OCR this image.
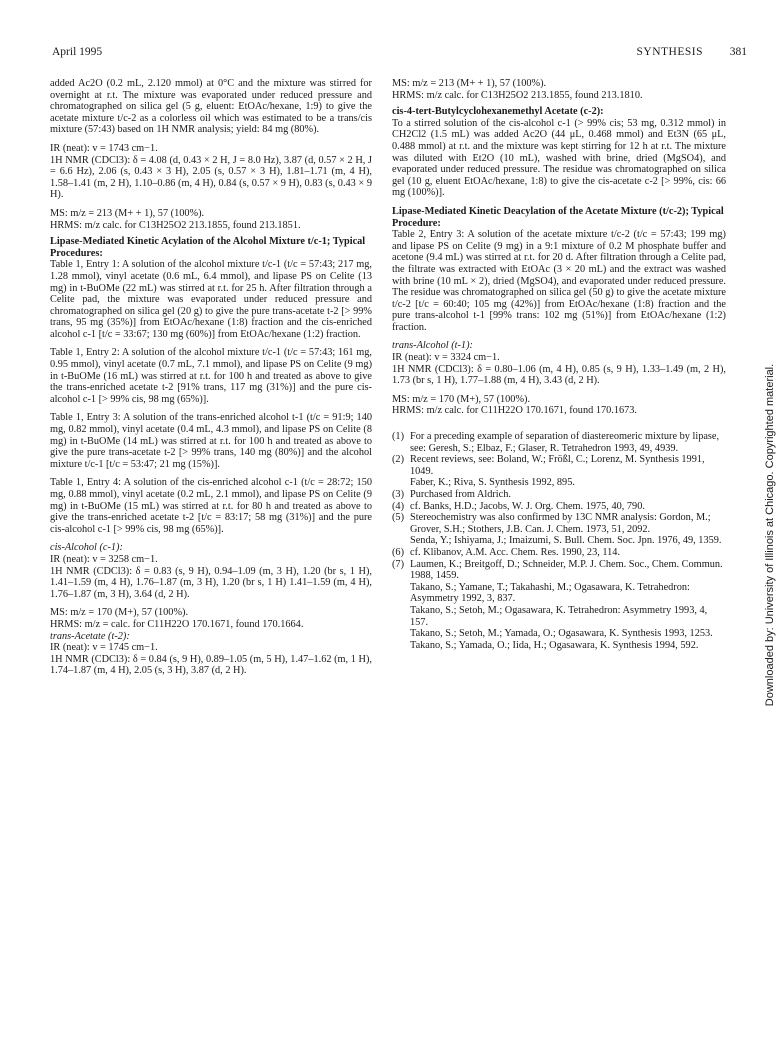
April 1995	SYNTHESIS 381

added Ac2O (0.2 mL, 2.120 mmol) at 0°C and the mixture was stirred for overnight at r.t. The mixture was evaporated under reduced pressure and chromatographed on silica gel (5 g, eluent: EtOAc/hexane, 1:9) to give the acetate mixture t/c-2 as a colorless oil which was estimated to be a trans/cis mixture (57:43) based on 1H NMR analysis; yield: 84 mg (80%).

IR (neat): v = 1743 cm−1.

1H NMR (CDCl3): δ = 4.08 (d, 0.43 × 2 H, J = 8.0 Hz), 3.87 (d, 0.57 × 2 H, J = 6.6 Hz), 2.06 (s, 0.43 × 3 H), 2.05 (s, 0.57 × 3 H), 1.81–1.71 (m, 4 H), 1.58–1.41 (m, 2 H), 1.10–0.86 (m, 4 H), 0.84 (s, 0.57 × 9 H), 0.83 (s, 0.43 × 9 H).

MS: m/z = 213 (M+ + 1), 57 (100%).

HRMS: m/z calc. for C13H25O2 213.1855, found 213.1851.

Lipase-Mediated Kinetic Acylation of the Alcohol Mixture t/c-1; Typical Procedures:

Table 1, Entry 1: A solution of the alcohol mixture t/c-1 (t/c = 57:43; 217 mg, 1.28 mmol), vinyl acetate (0.6 mL, 6.4 mmol), and lipase PS on Celite (13 mg) in t-BuOMe (22 mL) was stirred at r.t. for 25 h. After filtration through a Celite pad, the mixture was evaporated under reduced pressure and chromatographed on silica gel (20 g) to give the pure trans-acetate t-2 [> 99% trans, 95 mg (35%)] from EtOAc/hexane (1:8) fraction and the cis-enriched alcohol c-1 [t/c = 33:67; 130 mg (60%)] from EtOAc/hexane (1:2) fraction.

Table 1, Entry 2: A solution of the alcohol mixture t/c-1 (t/c = 57:43; 161 mg, 0.95 mmol), vinyl acetate (0.7 mL, 7.1 mmol), and lipase PS on Celite (9 mg) in t-BuOMe (16 mL) was stirred at r.t. for 100 h and treated as above to give the trans-enriched acetate t-2 [91% trans, 117 mg (31%)] and the pure cis-alcohol c-1 [> 99% cis, 98 mg (65%)].

Table 1, Entry 3: A solution of the trans-enriched alcohol t-1 (t/c = 91:9; 140 mg, 0.82 mmol), vinyl acetate (0.4 mL, 4.3 mmol), and lipase PS on Celite (8 mg) in t-BuOMe (14 mL) was stirred at r.t. for 100 h and treated as above to give the pure trans-acetate t-2 [> 99% trans, 140 mg (80%)] and the alcohol mixture t/c-1 [t/c = 53:47; 21 mg (15%)].

Table 1, Entry 4: A solution of the cis-enriched alcohol c-1 (t/c = 28:72; 150 mg, 0.88 mmol), vinyl acetate (0.2 mL, 2.1 mmol), and lipase PS on Celite (9 mg) in t-BuOMe (15 mL) was stirred at r.t. for 80 h and treated as above to give the trans-enriched acetate t-2 [t/c = 83:17; 58 mg (31%)] and the pure cis-alcohol c-1 [> 99% cis, 98 mg (65%)].

cis-Alcohol (c-1):

IR (neat): v = 3258 cm−1.

1H NMR (CDCl3): δ = 0.83 (s, 9 H), 0.94–1.09 (m, 3 H), 1.20 (br s, 1 H), 1.41–1.59 (m, 4 H), 1.76–1.87 (m, 3 H), 1.20 (br s, 1 H) 1.41–1.59 (m, 4 H), 1.76–1.87 (m, 3 H), 3.64 (d, 2 H).

MS: m/z = 170 (M+), 57 (100%).

HRMS: m/z = calc. for C11H22O 170.1671, found 170.1664.

trans-Acetate (t-2):

IR (neat): v = 1745 cm−1.

1H NMR (CDCl3): δ = 0.84 (s, 9 H), 0.89–1.05 (m, 5 H), 1.47–1.62 (m, 1 H), 1.74–1.87 (m, 4 H), 2.05 (s, 3 H), 3.87 (d, 2 H).

MS: m/z = 213 (M+ + 1), 57 (100%).

HRMS: m/z calc. for C13H25O2 213.1855, found 213.1810.

cis-4-tert-Butylcyclohexanemethyl Acetate (c-2):

To a stirred solution of the cis-alcohol c-1 (> 99% cis; 53 mg, 0.312 mmol) in CH2Cl2 (1.5 mL) was added Ac2O (44 μL, 0.468 mmol) and Et3N (65 μL, 0.488 mmol) at r.t. and the mixture was kept stirring for 12 h at r.t. The mixture was diluted with Et2O (10 mL), washed with brine, dried (MgSO4), and evaporated under reduced pressure. The residue was chromatographed on silica gel (10 g, eluent EtOAc/hexane, 1:8) to give the cis-acetate c-2 [> 99%, cis: 66 mg (100%)].

Lipase-Mediated Kinetic Deacylation of the Acetate Mixture (t/c-2); Typical Procedure:

Table 2, Entry 3: A solution of the acetate mixture t/c-2 (t/c = 57:43; 199 mg) and lipase PS on Celite (9 mg) in a 9:1 mixture of 0.2 M phosphate buffer and acetone (9.4 mL) was stirred at r.t. for 20 d. After filtration through a Celite pad, the filtrate was extracted with EtOAc (3 × 20 mL) and the extract was washed with brine (10 mL × 2), dried (MgSO4), and evaporated under reduced pressure. The residue was chromatographed on silica gel (50 g) to give the acetate mixture t/c-2 [t/c = 60:40; 105 mg (42%)] from EtOAc/hexane (1:8) fraction and the pure trans-alcohol t-1 [99% trans: 102 mg (51%)] from EtOAc/hexane (1:2) fraction.

trans-Alcohol (t-1):

IR (neat): v = 3324 cm−1.

1H NMR (CDCl3): δ = 0.80–1.06 (m, 4 H), 0.85 (s, 9 H), 1.33–1.49 (m, 2 H), 1.73 (br s, 1 H), 1.77–1.88 (m, 4 H), 3.43 (d, 2 H).

MS: m/z = 170 (M+), 57 (100%).

HRMS: m/z calc. for C11H22O 170.1671, found 170.1673.

(1) For a preceding example of separation of diastereomeric mixture by lipase, see: Geresh, S.; Elbaz, F.; Glaser, R. Tetrahedron 1993, 49, 4939.

(2) Recent reviews, see: Boland, W.; Frößl, C.; Lorenz, M. Synthesis 1991, 1049.
Faber, K.; Riva, S. Synthesis 1992, 895.

(3) Purchased from Aldrich.

(4) cf. Banks, H.D.; Jacobs, W. J. Org. Chem. 1975, 40, 790.

(5) Stereochemistry was also confirmed by 13C NMR analysis: Gordon, M.; Grover, S.H.; Stothers, J.B. Can. J. Chem. 1973, 51, 2092.
Senda, Y.; Ishiyama, J.; Imaizumi, S. Bull. Chem. Soc. Jpn. 1976, 49, 1359.

(6) cf. Klibanov, A.M. Acc. Chem. Res. 1990, 23, 114.

(7) Laumen, K.; Breitgoff, D.; Schneider, M.P. J. Chem. Soc., Chem. Commun. 1988, 1459.
Takano, S.; Yamane, T.; Takahashi, M.; Ogasawara, K. Tetrahedron: Asymmetry 1992, 3, 837.
Takano, S.; Setoh, M.; Ogasawara, K. Tetrahedron: Asymmetry 1993, 4, 157.
Takano, S.; Setoh, M.; Yamada, O.; Ogasawara, K. Synthesis 1993, 1253.
Takano, S.; Yamada, O.; Iida, H.; Ogasawara, K. Synthesis 1994, 592.	Downloaded by: University of Illinois at Chicago. Copyrighted material.
